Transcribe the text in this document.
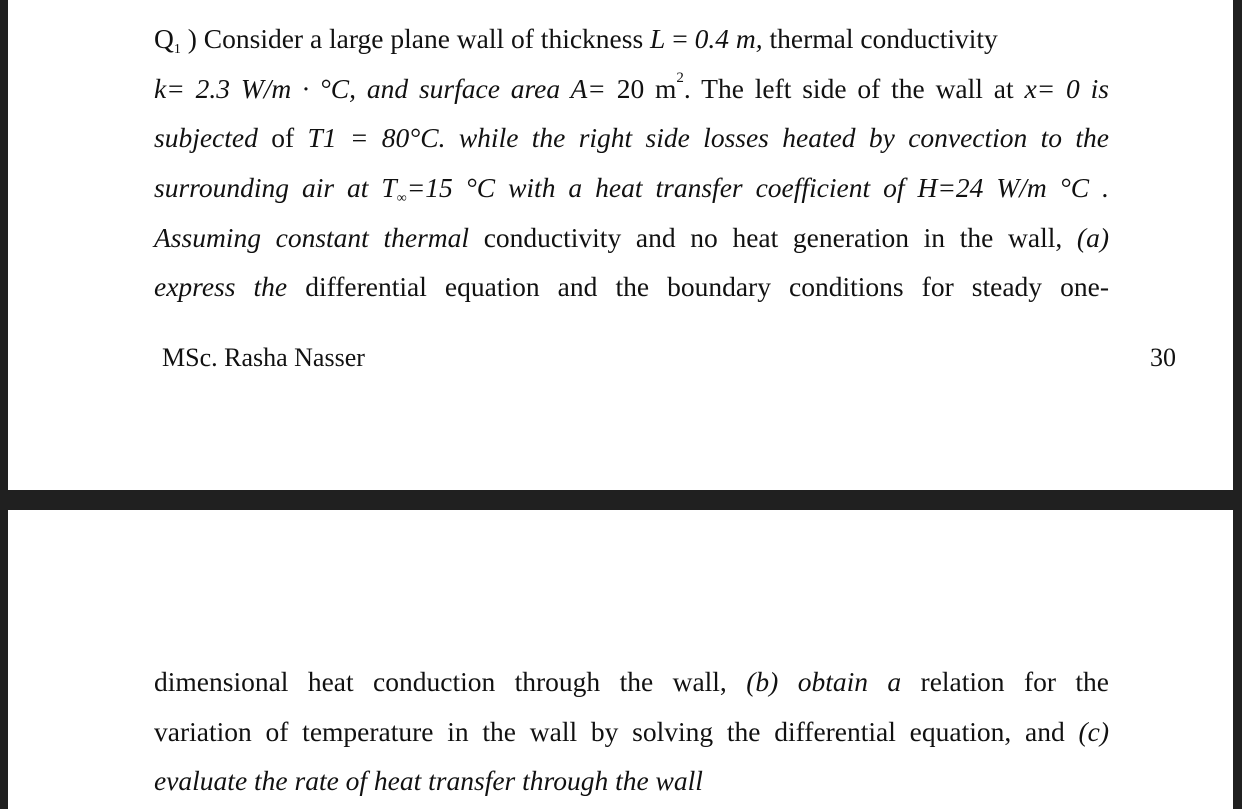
$Q_1$ ) Consider a large plane wall of thickness L = 0.4 m, thermal conductivity
k= 2.3 W/m · °C, and surface area A= 20 $m^2$. The left side of the wall at x= 0 is
subjected of T1 = 80°C. while the right side losses heated by convection to the
surrounding air at $T_\infty=15$ °C with a heat transfer coefficient of H=24 W/m °C .
Assuming constant thermal conductivity and no heat generation in the wall, (a)
express the differential equation and the boundary conditions for steady one-
MSc. Rasha Nasser	30
dimensional heat conduction through the wall, (b) obtain a relation for the
variation of temperature in the wall by solving the differential equation, and (c)
evaluate the rate of heat transfer through the wall
